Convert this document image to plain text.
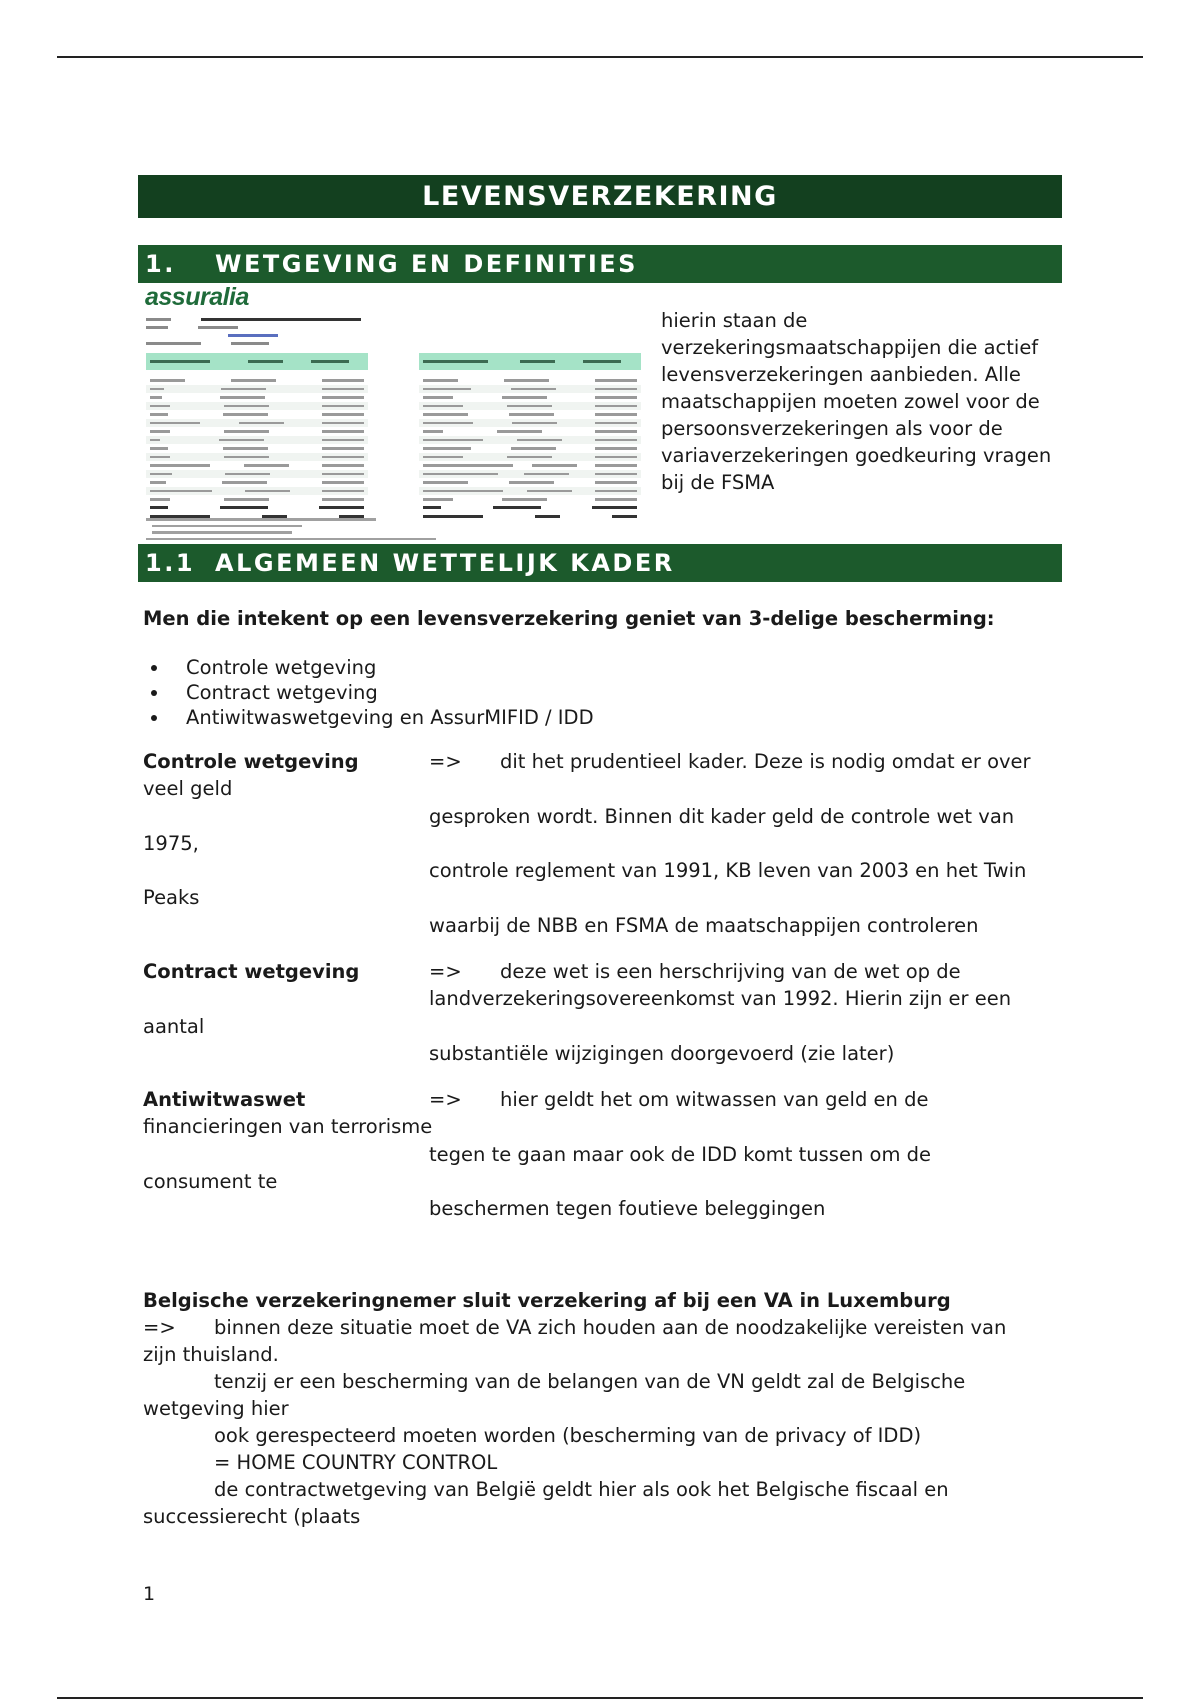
LEVENSVERZEKERING
1. WETGEVING EN DEFINITIES
assuralia
hierin staan de verzekeringsmaatschappijen die actief levensverzekeringen aanbieden. Alle maatschappijen moeten zowel voor de persoonsverzekeringen als voor de variaverzekeringen goedkeuring vragen bij de FSMA
1.1 ALGEMEEN WETTELIJK KADER
Men die intekent op een levensverzekering geniet van 3-delige bescherming:
Controle wetgeving
Contract wetgeving
Antiwitwaswetgeving en AssurMIFID / IDD
Controle wetgeving	=> dit het prudentieel kader. Deze is nodig omdat er over
veel geld
gesproken wordt. Binnen dit kader geld de controle wet van
1975,
controle reglement van 1991, KB leven van 2003 en het Twin
Peaks
waarbij de NBB en FSMA de maatschappijen controleren
Contract wetgeving	=> deze wet is een herschrijving van de wet op de
landverzekeringsovereenkomst van 1992. Hierin zijn er een
aantal
substantiële wijzigingen doorgevoerd (zie later)
Antiwitwaswet	=> hier geldt het om witwassen van geld en de
financieringen van terrorisme
tegen te gaan maar ook de IDD komt tussen om de
consument te
beschermen tegen foutieve beleggingen
Belgische verzekeringnemer sluit verzekering af bij een VA in Luxemburg
=> binnen deze situatie moet de VA zich houden aan de noodzakelijke vereisten van
zijn thuisland.
tenzij er een bescherming van de belangen van de VN geldt zal de Belgische
wetgeving hier
ook gerespecteerd moeten worden (bescherming van de privacy of IDD)
= HOME COUNTRY CONTROL
de contractwetgeving van België geldt hier als ook het Belgische fiscaal en
successierecht (plaats
1
